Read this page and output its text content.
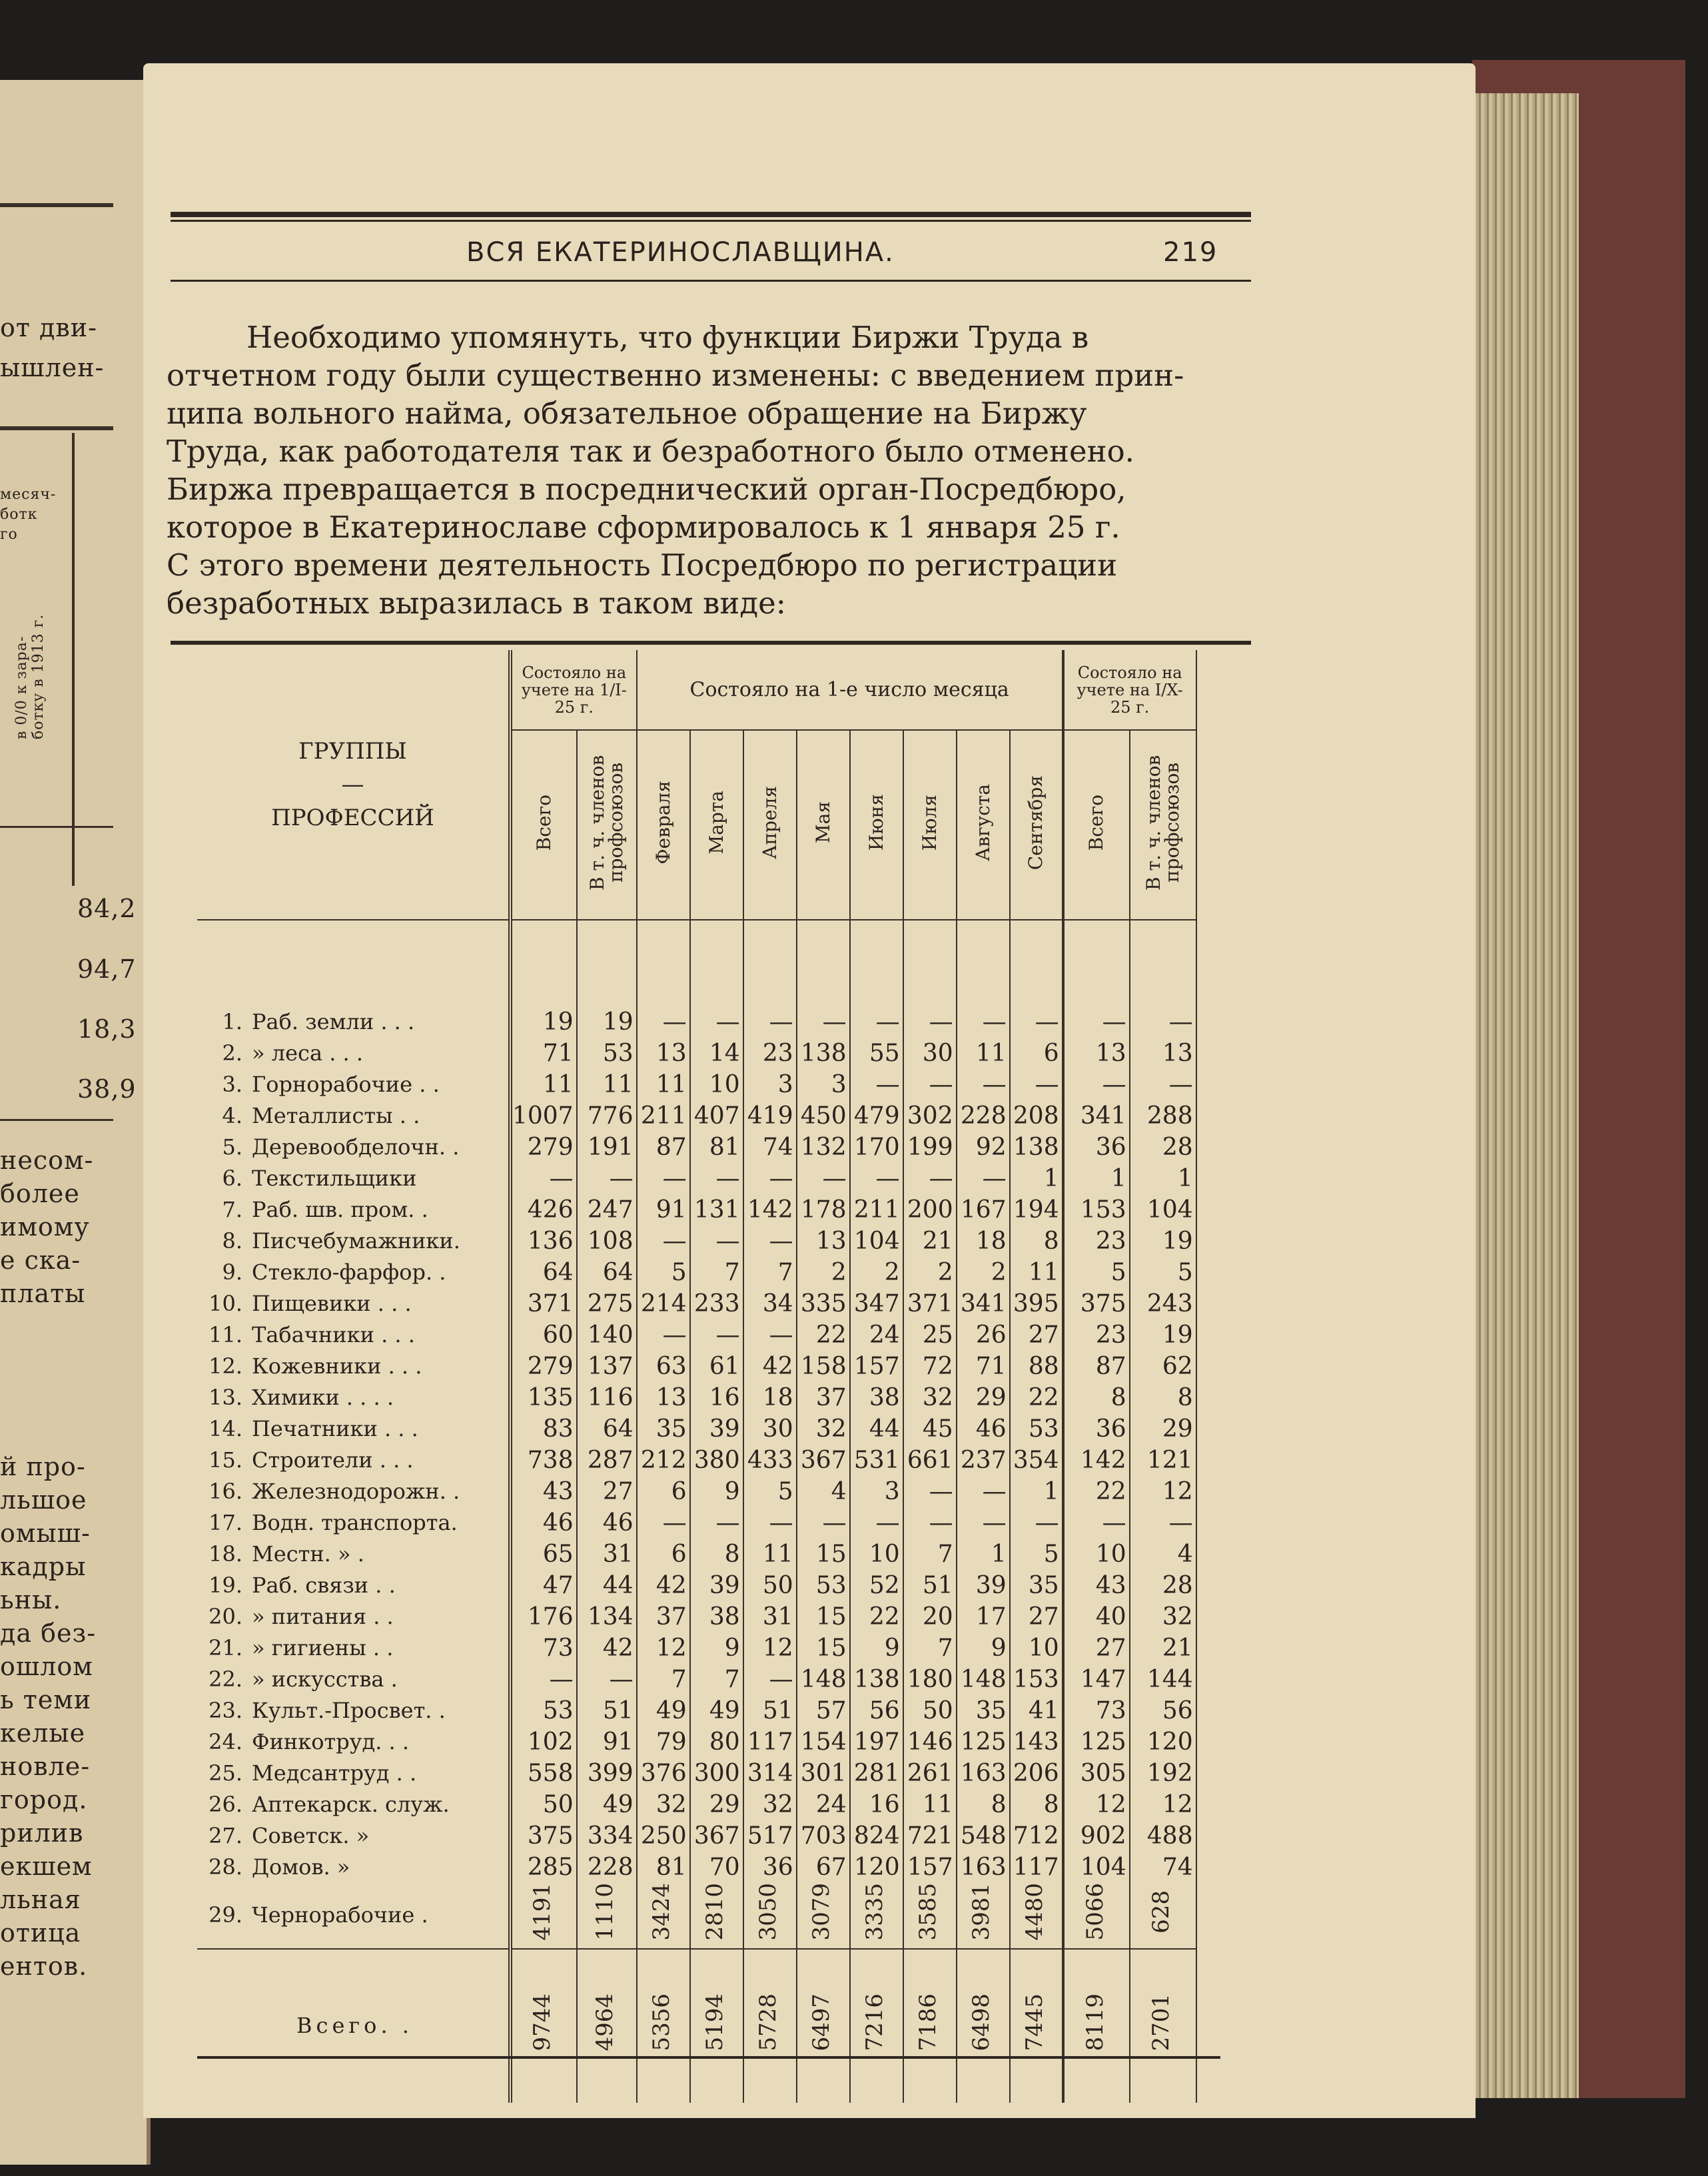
от дви-
ышлен-
месяч-
ботк
го
в 0/0 к зара-
ботку в 1913 г.
84,2
94,7
18,3
38,9
несом-
более
имому
е ска-
платы
й про-
льшое
омыш-
кадры
ьны.
да без-
ошлом
ь теми
келые
новле-
город.
рилив
екшем
льная
отица
ентов.
ВСЯ ЕКАТЕРИНОСЛАВЩИНА.	219
Необходимо упомянуть, что функции Биржи Труда в
отчетном году были существенно изменены: с введением прин-
ципа вольного найма, обязательное обращение на Биржу
Труда, как работодателя так и безработного было отменено.
Биржа превращается в посреднический орган-Посредбюро,
которое в Екатеринославе сформировалось к 1 января 25 г.
С этого времени деятельность Посредбюро по регистрации
безработных выразилась в таком виде:
ГРУППЫ
—
ПРОФЕССИЙ	Состояло на учете на 1/I-25 г.		Состояло на 1-е число месяца								Состояло на учете на I/X-25 г.	
	Всего	В т. ч. членов профсоюзов	Февраля	Марта	Апреля	Мая	Июня	Июля	Августа	Сентября	Всего	В т. ч. членов профсоюзов

1. Раб. земли . . .	19	19	—	—	—	—	—	—	—	—	—	—
2. » леса . . .	71	53	13	14	23	138	55	30	11	6	13	13
3. Горнорабочие . .	11	11	11	10	3	3	—	—	—	—	—	—
4. Металлисты . .	1007	776	211	407	419	450	479	302	228	208	341	288
5. Деревообделочн. .	279	191	87	81	74	132	170	199	92	138	36	28
6. Текстильщики	—	—	—	—	—	—	—	—	—	1	1	1
7. Раб. шв. пром. .	426	247	91	131	142	178	211	200	167	194	153	104
8. Писчебумажники.	136	108	—	—	—	13	104	21	18	8	23	19
9. Стекло-фарфор. .	64	64	5	7	7	2	2	2	2	11	5	5
10. Пищевики . . .	371	275	214	233	34	335	347	371	341	395	375	243
11. Табачники . . .	60	140	—	—	—	22	24	25	26	27	23	19
12. Кожевники . . .	279	137	63	61	42	158	157	72	71	88	87	62
13. Химики . . . .	135	116	13	16	18	37	38	32	29	22	8	8
14. Печатники . . .	83	64	35	39	30	32	44	45	46	53	36	29
15. Строители . . .	738	287	212	380	433	367	531	661	237	354	142	121
16. Железнодорожн. .	43	27	6	9	5	4	3	—	—	1	22	12
17. Водн. транспорта.	46	46	—	—	—	—	—	—	—	—	—	—
18. Местн. » .	65	31	6	8	11	15	10	7	1	5	10	4
19. Раб. связи . .	47	44	42	39	50	53	52	51	39	35	43	28
20. » питания . .	176	134	37	38	31	15	22	20	17	27	40	32
21. » гигиены . .	73	42	12	9	12	15	9	7	9	10	27	21
22. » искусства .	—	—	7	7	—	148	138	180	148	153	147	144
23. Культ.-Просвет. .	53	51	49	49	51	57	56	50	35	41	73	56
24. Финкотруд. . .	102	91	79	80	117	154	197	146	125	143	125	120
25. Медсантруд . .	558	399	376	300	314	301	281	261	163	206	305	192
26. Аптекарск. служ.	50	49	32	29	32	24	16	11	8	8	12	12
27. Советск. »	375	334	250	367	517	703	824	721	548	712	902	488
28. Домов. »	285	228	81	70	36	67	120	157	163	117	104	74
29. Чернорабочие .	4191	1110	3424	2810	3050	3079	3335	3585	3981	4480	5066	628
Всего. .	9744	4964	5356	5194	5728	6497	7216	7186	6498	7445	8119	2701
